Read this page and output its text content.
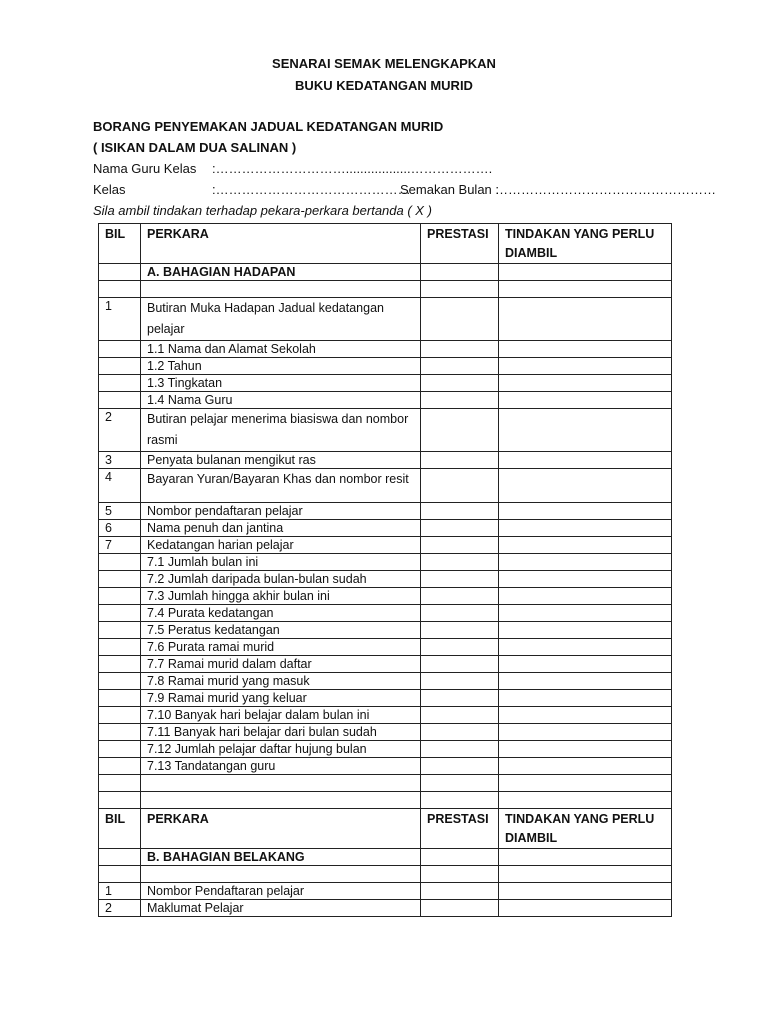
SENARAI SEMAK MELENGKAPKAN
BUKU KEDATANGAN MURID
BORANG PENYEMAKAN JADUAL KEDATANGAN MURID
( ISIKAN DALAM DUA SALINAN )
Nama Guru Kelas :…………………………..................……………….
Kelas	:………………………………………
Semakan Bulan :
……………………………………………
Sila ambil tindakan terhadap pekara-perkara bertanda ( X )
BIL	PERKARA	PRESTASI	TINDAKAN YANG PERLU DIAMBIL
	A. BAHAGIAN HADAPAN		

1	Butiran Muka Hadapan Jadual kedatangan pelajar		
	1.1 Nama dan Alamat Sekolah		
	1.2 Tahun		
	1.3 Tingkatan		
	1.4 Nama Guru		
2	Butiran pelajar menerima biasiswa dan nombor rasmi		
3	Penyata bulanan mengikut ras		
4	Bayaran Yuran/Bayaran Khas dan nombor resit		
5	Nombor pendaftaran pelajar		
6	Nama penuh dan jantina		
7	Kedatangan harian pelajar		
	7.1 Jumlah bulan ini		
	7.2 Jumlah daripada bulan-bulan sudah		
	7.3 Jumlah hingga akhir bulan ini		
	7.4 Purata kedatangan		
	7.5 Peratus kedatangan		
	7.6 Purata ramai murid		
	7.7 Ramai murid dalam daftar		
	7.8 Ramai murid yang masuk		
	7.9 Ramai murid yang keluar		
	7.10 Banyak hari belajar dalam bulan ini		
	7.11 Banyak hari belajar dari bulan sudah		
	7.12 Jumlah pelajar daftar hujung bulan		
	7.13 Tandatangan guru		

BIL	PERKARA	PRESTASI	TINDAKAN YANG PERLU DIAMBIL
	B. BAHAGIAN BELAKANG		

1	Nombor Pendaftaran pelajar		
2	Maklumat Pelajar		
